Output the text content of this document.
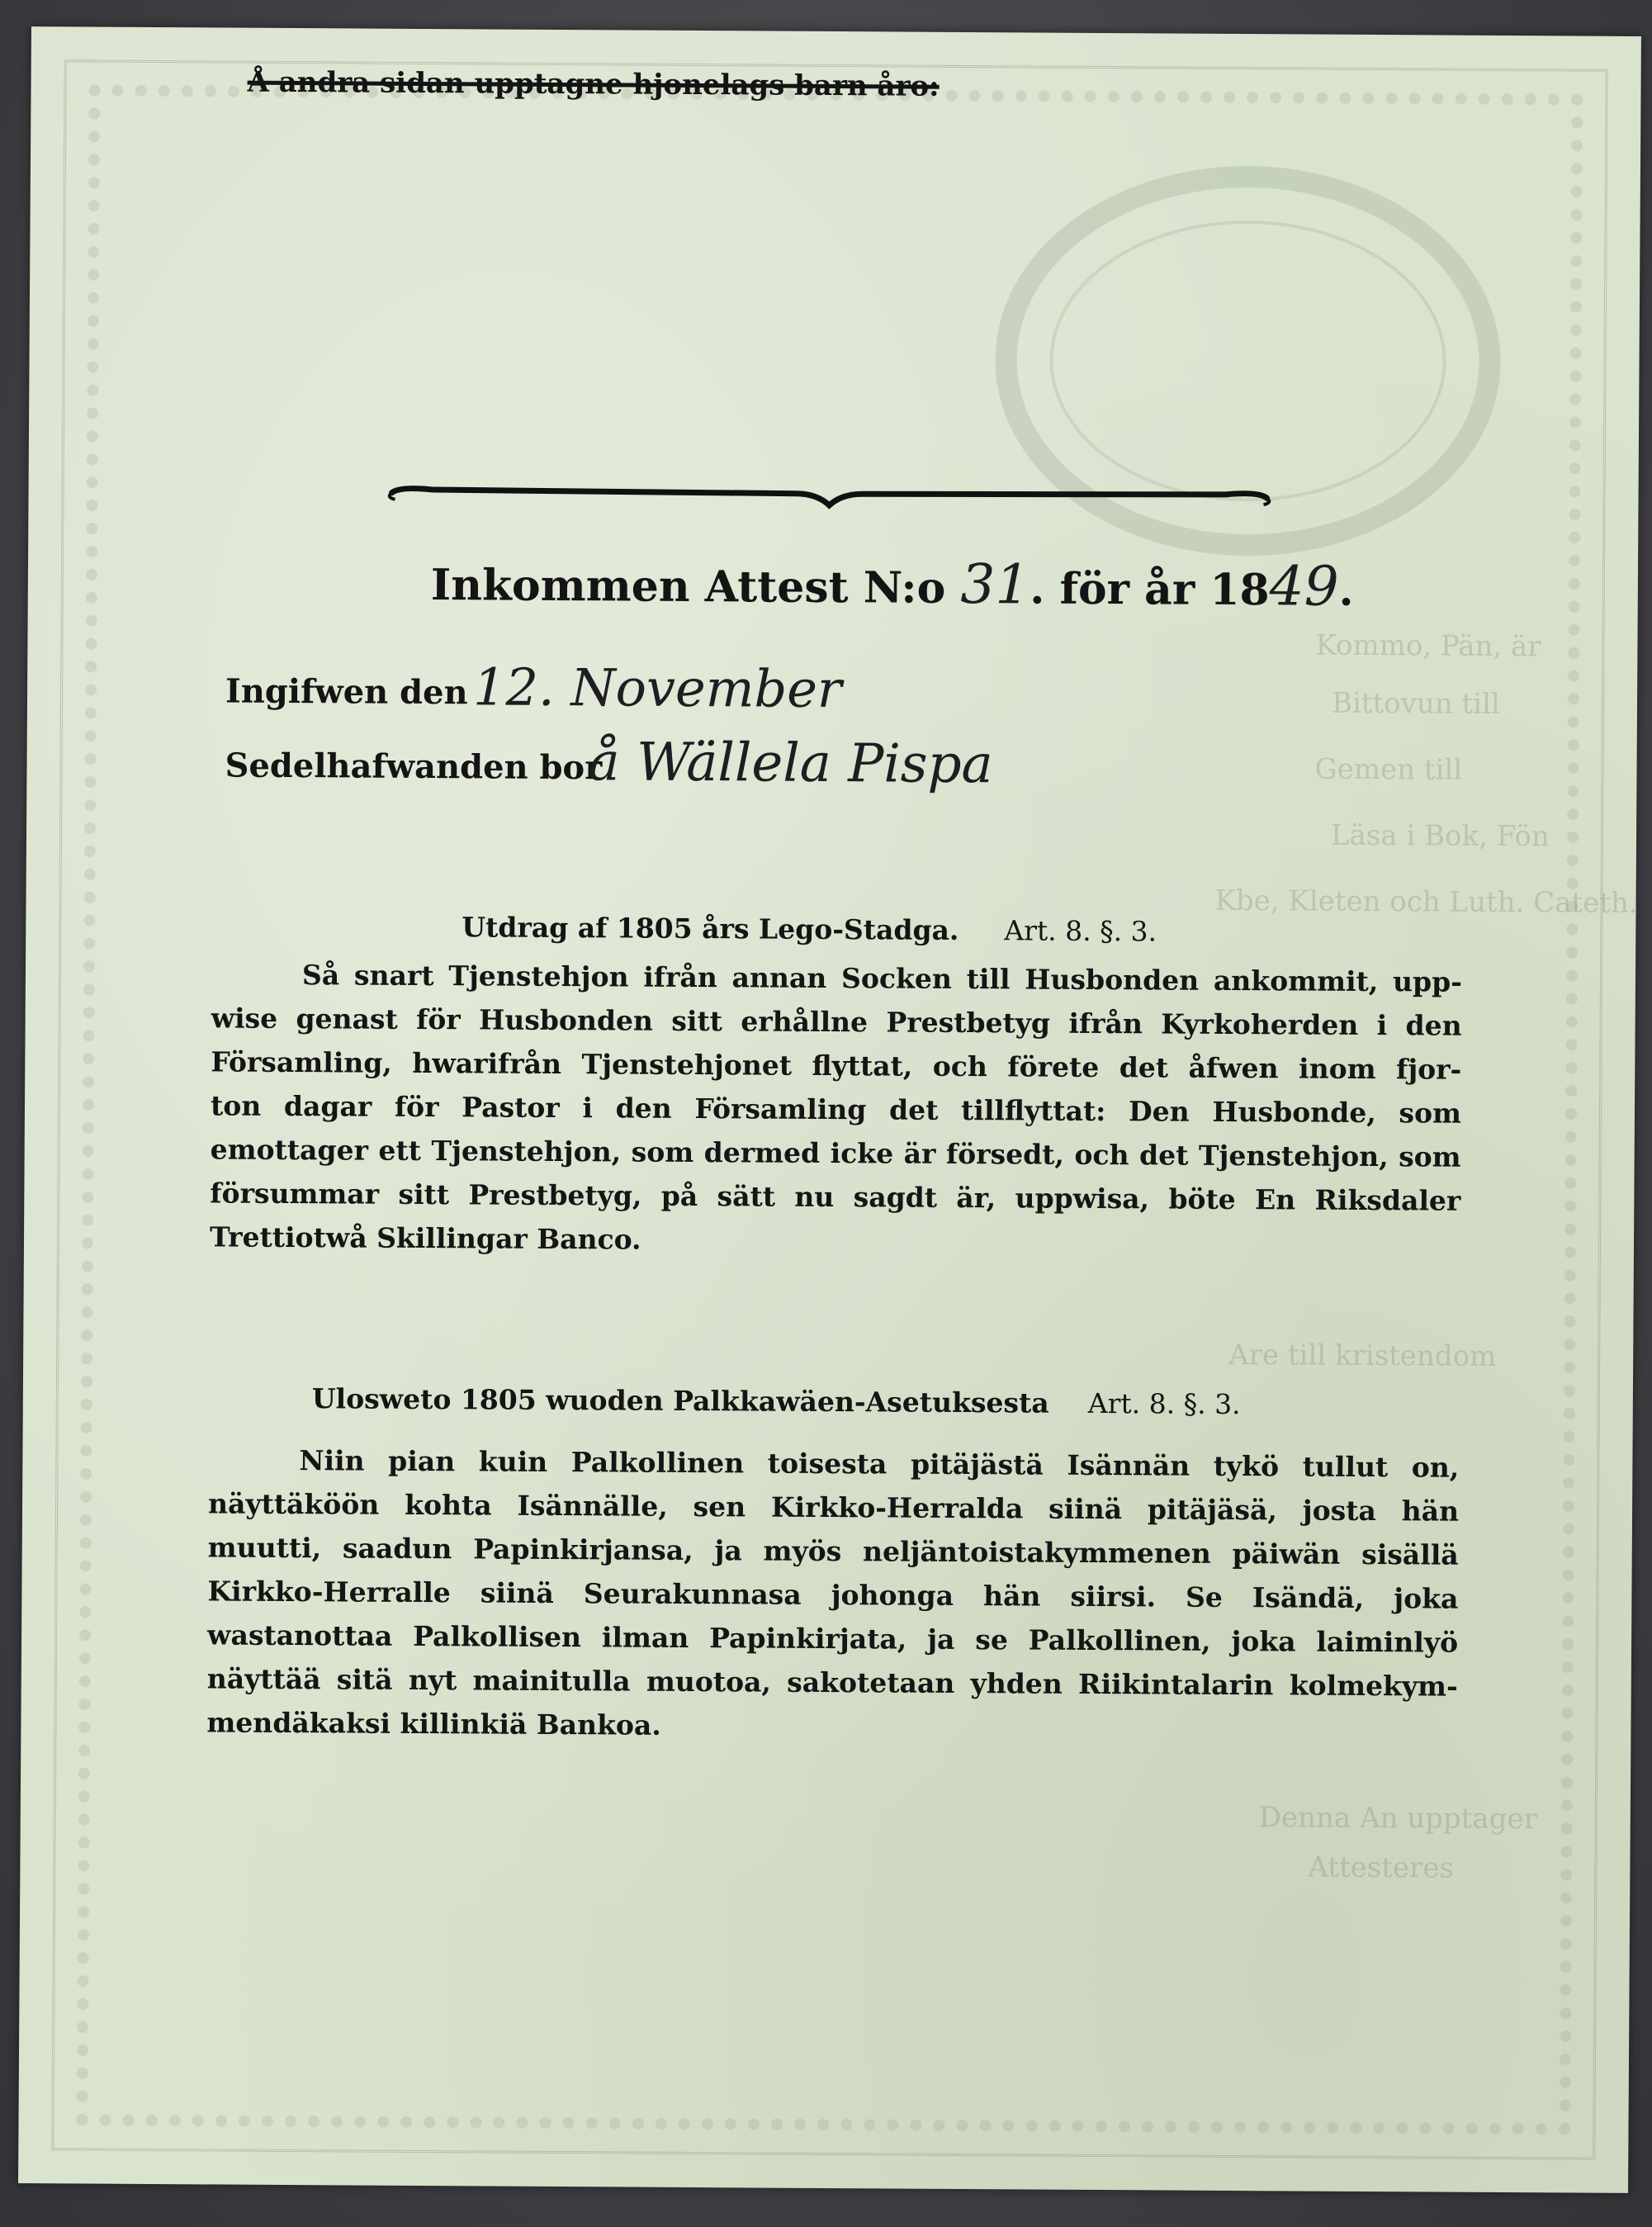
Kommo, Pän, är
Bittovun till
Gemen till
Läsa i Bok, Fön
Kbe, Kleten och Luth. Cateth.
Are till kristendom
Denna An upptager
Attesteres
Å andra sidan upptagne hjonelags barn åro:
Inkommen Attest N:o 31. för år 1849.
Ingifwen den 12. November
Sedelhafwanden bor
å Wällela Pispa
Utdrag af 1805 års Lego-Stadga. Art. 8. §. 3.
Så snart Tjenstehjon ifrån annan Socken till Husbonden ankommit, upp-
wise genast för Husbonden sitt erhållne Prestbetyg ifrån Kyrkoherden i den
Församling, hwarifrån Tjenstehjonet flyttat, och förete det åfwen inom fjor-
ton dagar för Pastor i den Församling det tillflyttat: Den Husbonde, som
emottager ett Tjenstehjon, som dermed icke är försedt, och det Tjenstehjon, som
försummar sitt Prestbetyg, på sätt nu sagdt är, uppwisa, böte En Riksdaler
Trettiotwå Skillingar Banco.
Ulosweto 1805 wuoden Palkkawäen-Asetuksesta Art. 8. §. 3.
Niin pian kuin Palkollinen toisesta pitäjästä Isännän tykö tullut on,
näyttäköön kohta Isännälle, sen Kirkko-Herralda siinä pitäjäsä, josta hän
muutti, saadun Papinkirjansa, ja myös neljäntoistakymmenen päiwän sisällä
Kirkko-Herralle siinä Seurakunnasa johonga hän siirsi. Se Isändä, joka
wastanottaa Palkollisen ilman Papinkirjata, ja se Palkollinen, joka laiminlyö
näyttää sitä nyt mainitulla muotoa, sakotetaan yhden Riikintalarin kolmekym-
mendäkaksi killinkiä Bankoa.
